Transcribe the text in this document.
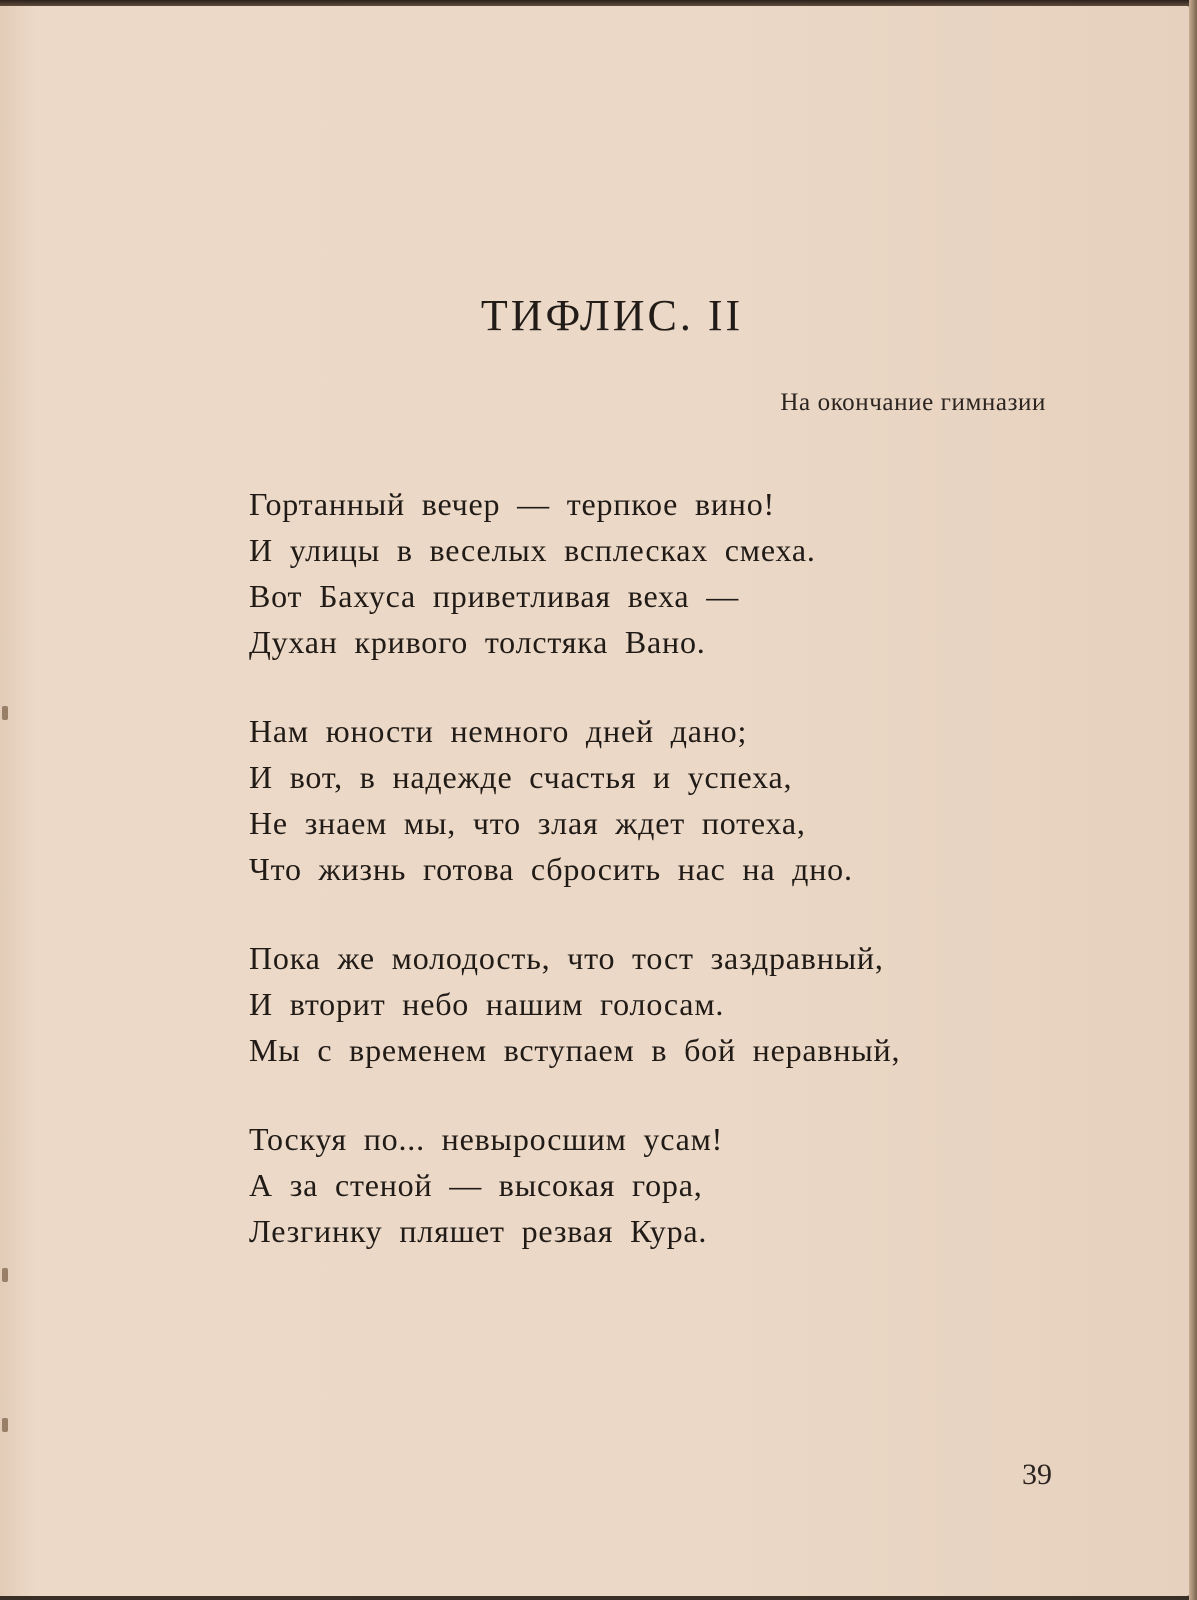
ТИФЛИС. II
На окончание гимназии
Гортанный вечер — терпкое вино!
И улицы в веселых всплесках смеха.
Вот Бахуса приветливая веха —
Духан кривого толстяка Вано.
Нам юности немного дней дано;
И вот, в надежде счастья и успеха,
Не знаем мы, что злая ждет потеха,
Что жизнь готова сбросить нас на дно.
Пока же молодость, что тост заздравный,
И вторит небо нашим голосам.
Мы с временем вступаем в бой неравный,
Тоскуя по... невыросшим усам!
А за стеной — высокая гора,
Лезгинку пляшет резвая Кура.
39
